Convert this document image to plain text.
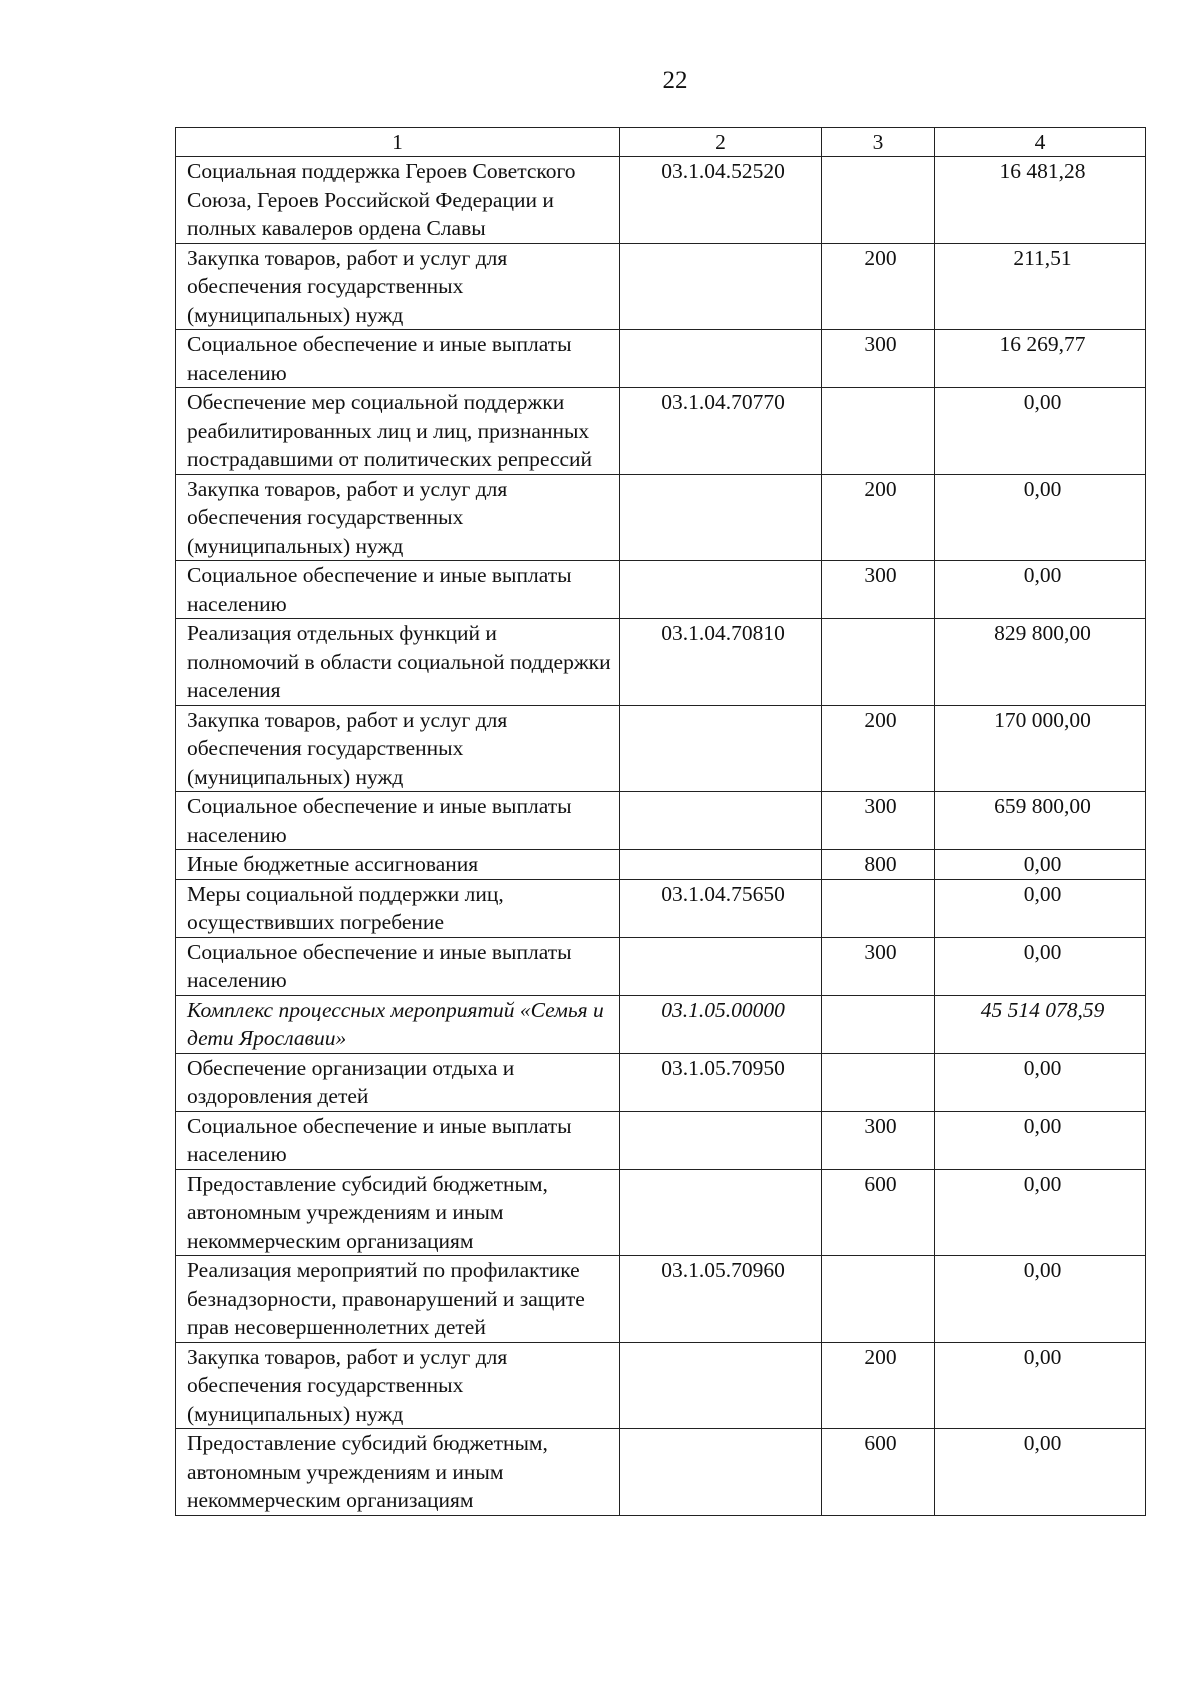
22
1	2	3	4
Социальная поддержка Героев Советского Союза, Героев Российской Федерации и полных кавалеров ордена Славы	03.1.04.52520		16 481,28
Закупка товаров, работ и услуг для обеспечения государственных (муниципальных) нужд		200	211,51
Социальное обеспечение и иные выплаты населению		300	16 269,77
Обеспечение мер социальной поддержки реабилитированных лиц и лиц, признанных пострадавшими от политических репрессий	03.1.04.70770		0,00
Закупка товаров, работ и услуг для обеспечения государственных (муниципальных) нужд		200	0,00
Социальное обеспечение и иные выплаты населению		300	0,00
Реализация отдельных функций и полномочий в области социальной поддержки населения	03.1.04.70810		829 800,00
Закупка товаров, работ и услуг для обеспечения государственных (муниципальных) нужд		200	170 000,00
Социальное обеспечение и иные выплаты населению		300	659 800,00
Иные бюджетные ассигнования		800	0,00
Меры социальной поддержки лиц, осуществивших погребение	03.1.04.75650		0,00
Социальное обеспечение и иные выплаты населению		300	0,00
Комплекс процессных мероприятий «Семья и дети Ярославии»	03.1.05.00000		45 514 078,59
Обеспечение организации отдыха и оздоровления детей	03.1.05.70950		0,00
Социальное обеспечение и иные выплаты населению		300	0,00
Предоставление субсидий бюджетным, автономным учреждениям и иным некоммерческим организациям		600	0,00
Реализация мероприятий по профилактике безнадзорности, правонарушений и защите прав несовершеннолетних детей	03.1.05.70960		0,00
Закупка товаров, работ и услуг для обеспечения государственных (муниципальных) нужд		200	0,00
Предоставление субсидий бюджетным, автономным учреждениям и иным некоммерческим организациям		600	0,00
